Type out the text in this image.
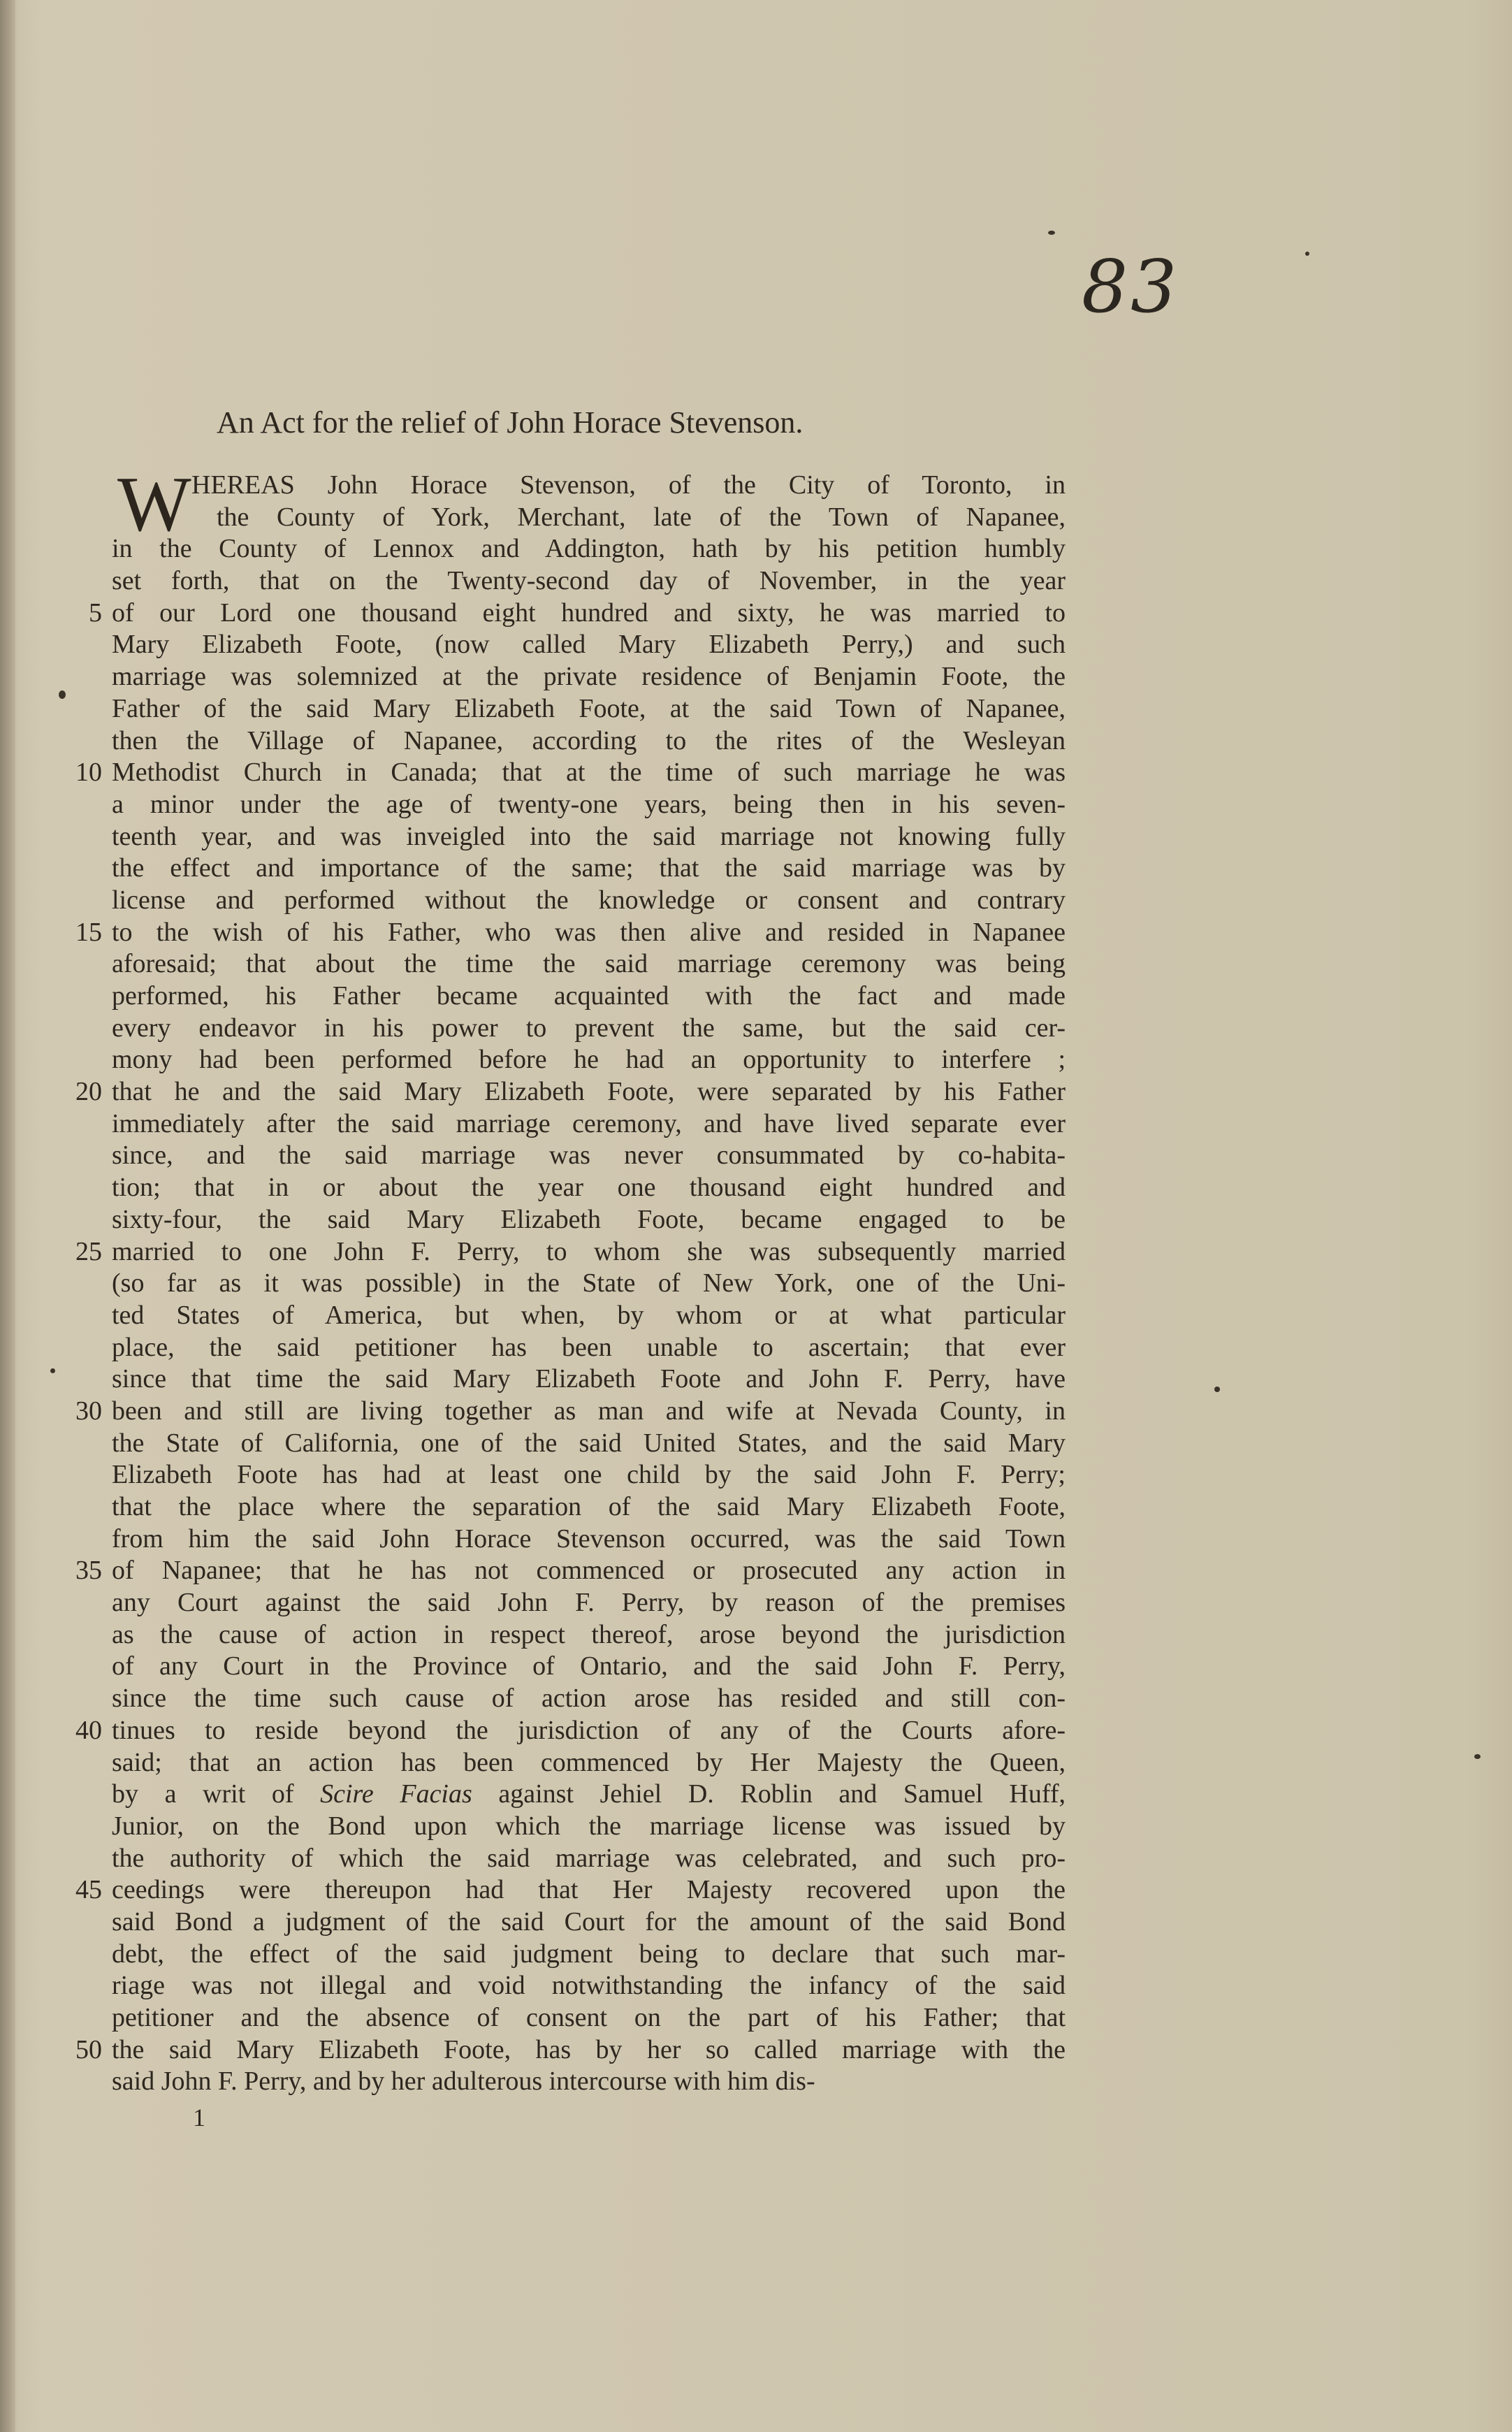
83
An Act for the relief of John Horace Stevenson.
W HEREAS John Horace Stevenson, of the City of Toronto, in
the County of York, Merchant, late of the Town of Napanee,
in the County of Lennox and Addington, hath by his petition humbly
set forth, that on the Twenty-second day of November, in the year
5 of our Lord one thousand eight hundred and sixty, he was married to
Mary Elizabeth Foote, (now called Mary Elizabeth Perry,) and such
marriage was solemnized at the private residence of Benjamin Foote, the
Father of the said Mary Elizabeth Foote, at the said Town of Napanee,
then the Village of Napanee, according to the rites of the Wesleyan
10 Methodist Church in Canada; that at the time of such marriage he was
a minor under the age of twenty-one years, being then in his seven-
teenth year, and was inveigled into the said marriage not knowing fully
the effect and importance of the same; that the said marriage was by
license and performed without the knowledge or consent and contrary
15 to the wish of his Father, who was then alive and resided in Napanee
aforesaid; that about the time the said marriage ceremony was being
performed, his Father became acquainted with the fact and made
every endeavor in his power to prevent the same, but the said cer-
mony had been performed before he had an opportunity to interfere ;
20 that he and the said Mary Elizabeth Foote, were separated by his Father
immediately after the said marriage ceremony, and have lived separate ever
since, and the said marriage was never consummated by co-habita-
tion; that in or about the year one thousand eight hundred and
sixty-four, the said Mary Elizabeth Foote, became engaged to be
25 married to one John F. Perry, to whom she was subsequently married
(so far as it was possible) in the State of New York, one of the Uni-
ted States of America, but when, by whom or at what particular
place, the said petitioner has been unable to ascertain; that ever
since that time the said Mary Elizabeth Foote and John F. Perry, have
30 been and still are living together as man and wife at Nevada County, in
the State of California, one of the said United States, and the said Mary
Elizabeth Foote has had at least one child by the said John F. Perry;
that the place where the separation of the said Mary Elizabeth Foote,
from him the said John Horace Stevenson occurred, was the said Town
35 of Napanee; that he has not commenced or prosecuted any action in
any Court against the said John F. Perry, by reason of the premises
as the cause of action in respect thereof, arose beyond the jurisdiction
of any Court in the Province of Ontario, and the said John F. Perry,
since the time such cause of action arose has resided and still con-
40 tinues to reside beyond the jurisdiction of any of the Courts afore-
said; that an action has been commenced by Her Majesty the Queen,
by a writ of Scire Facias against Jehiel D. Roblin and Samuel Huff,
Junior, on the Bond upon which the marriage license was issued by
the authority of which the said marriage was celebrated, and such pro-
45 ceedings were thereupon had that Her Majesty recovered upon the
said Bond a judgment of the said Court for the amount of the said Bond
debt, the effect of the said judgment being to declare that such mar-
riage was not illegal and void notwithstanding the infancy of the said
petitioner and the absence of consent on the part of his Father; that
50 the said Mary Elizabeth Foote, has by her so called marriage with the
said John F. Perry, and by her adulterous intercourse with him dis-
1
